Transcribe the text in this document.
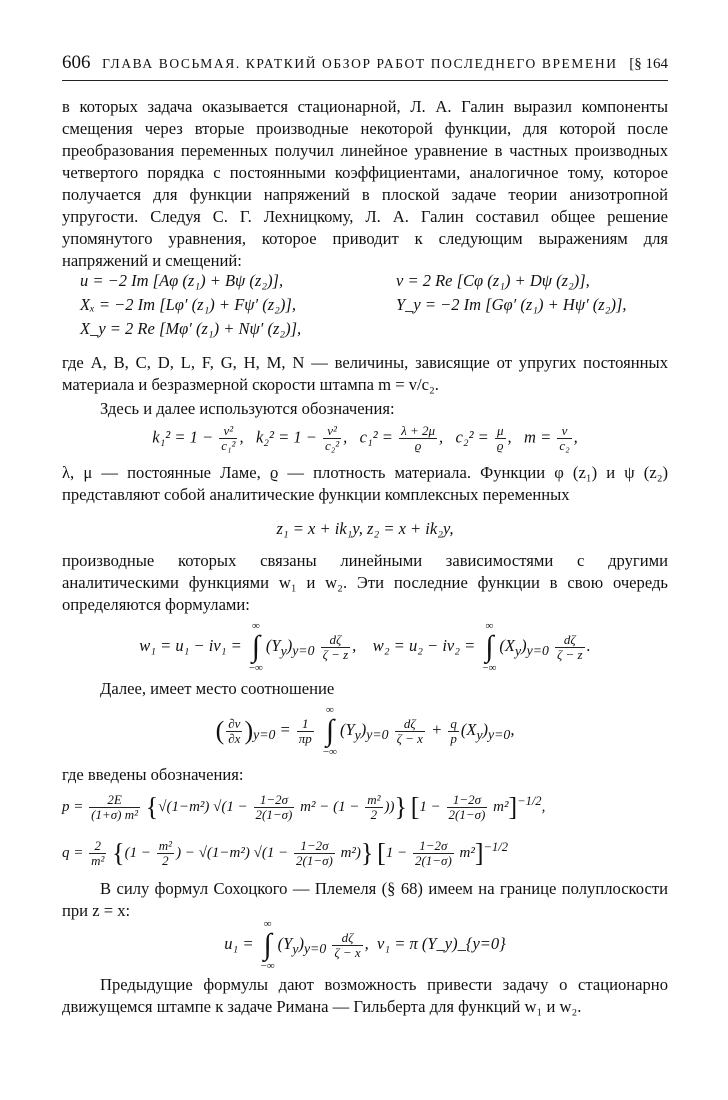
606 ГЛАВА ВОСЬМАЯ. КРАТКИЙ ОБЗОР РАБОТ ПОСЛЕДНЕГО ВРЕМЕНИ [§ 164

в которых задача оказывается стационарной, Л. А. Галин выразил компоненты смещения через вторые производные некоторой функции, для которой после преобразования переменных получил линейное уравнение в частных производных четвертого порядка с постоянными коэффициентами, аналогичное тому, которое получается для функции напряжений в плоской задаче теории анизотропной упругости. Следуя С. Г. Лехницкому, Л. А. Галин составил общее решение упомянутого уравнения, которое приводит к следующим выражениям для напряжений и смещений:

u = −2 Im [Aφ (z₁) + Bψ (z₂)],	v = 2 Re [Cφ (z₁) + Dψ (z₂)],
Xₓ = −2 Im [Lφ′ (z₁) + Fψ′ (z₂)],	Y_y = −2 Im [Gφ′ (z₁) + Hψ′ (z₂)],
X_y = 2 Re [Mφ′ (z₁) + Nψ′ (z₂)],

где A, B, C, D, L, F, G, H, M, N — величины, зависящие от упругих постоянных материала и безразмерной скорости штампа m = v/c₂.

Здесь и далее используются обозначения:

$k_1^2 = 1 - \frac{\text{v²}}{\text{c₁²}}$ ,   $k_2^2 = 1 - \frac{\text{v²}}{\text{c₂²}}$ ,   $c_1^2 = \frac{\lambda + 2\mu}{ϱ}$ ,   $c_2^2 = \frac{\mu}{ϱ}$ ,   $m = \frac{v}{\text{c₂}}$ ,

λ, μ — постоянные Ламе, ϱ — плотность материала. Функции φ (z₁) и ψ (z₂) представляют собой аналитические функции комплексных переменных

z₁ = x + ik₁y, z₂ = x + ik₂y,

производные которых связаны линейными зависимостями с другими аналитическими функциями w₁ и w₂. Эти последние функции в свою очередь определяются формулами:

w₁ = u₁ − iv₁ =
∞
∫
−∞
$(Y_y)_{y=0} \frac{d\zeta}{\zeta - z}$ ,    w₂ = u₂ − iv₂ =
∞
∫
−∞
$(X_y)_{y=0} \frac{d\zeta}{\zeta - z}$ .

Далее, имеет место соотношение

( $\frac{\partial v}{\partial x} )_{y=0} = \frac{1}{\pi p}$

∞
∫
−∞
$(Y_y)_{y=0} \frac{d\zeta}{\zeta - x} + \frac{q}{p} (X_y)_{y=0}$,

где введены обозначения:

$p = \frac{2E}{\text{(1+σ) m²}} \{√(1-m^2) √(1 - \frac{1-2\sigma}{2(1-\sigma)} m^2 - (1 - \frac{\text{m²}}{2}$ ))} $[1 - \frac{1-2\sigma}{2(1-\sigma)} m^2]^{-1/2}$,
$q = \frac{2}{\text{m²}} \{(1 - \frac{\text{m²}}{2}$ ) − √(1−m²) $√(1 - \frac{1-2\sigma}{2(1-\sigma)} m^2)$} $[1 - \frac{1-2\sigma}{2(1-\sigma)} m^2]^{-1/2}$

В силу формул Сохоцкого — Племеля (§ 68) имеем на границе полуплоскости при z = x:

u₁ =
∞
∫
−∞
$(Y_y)_{y=0} \frac{d\zeta}{\zeta - x}$ ,  v₁ = π (Y_y)_{y=0}

Предыдущие формулы дают возможность привести задачу о стационарно движущемся штампе к задаче Римана — Гильберта для функций w₁ и w₂.
